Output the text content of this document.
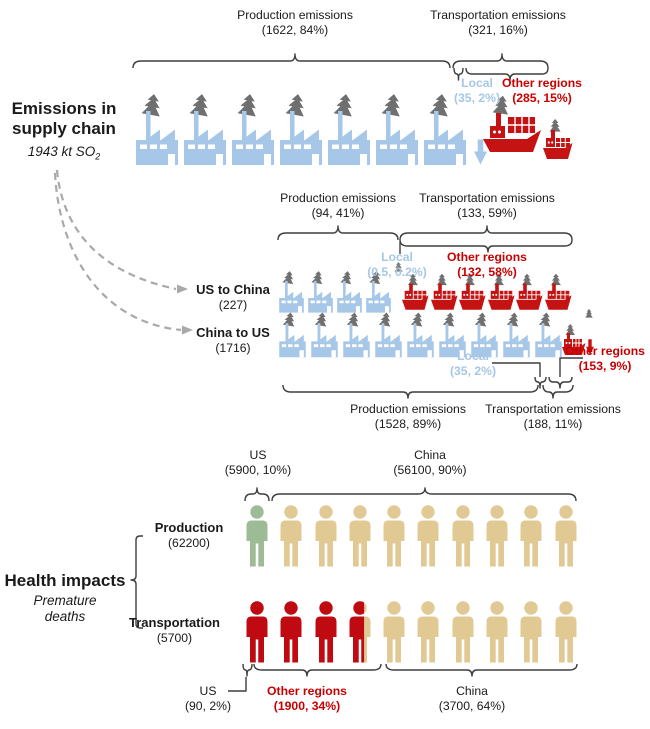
Production emissions
(1622, 84%)
Transportation emissions
(321, 16%)
Local
(35, 2%)
Other regions
(285, 15%)
Emissions in
supply chain
1943 kt $SO_2$
Production emissions
(94, 41%)
Transportation emissions
(133, 59%)
Local
(0.5, 0.2%)
Other regions
(132, 58%)
US to China
(227)
China to US
(1716)
Local
(35, 2%)
Other regions
(153, 9%)
Production emissions
(1528, 89%)
Transportation emissions
(188, 11%)
US
(5900, 10%)
China
(56100, 90%)
Production
(62200)
Health impacts
Premature
deaths	Transportation
(5700)
US
(90, 2%)
Other regions
(1900, 34%)
China
(3700, 64%)
